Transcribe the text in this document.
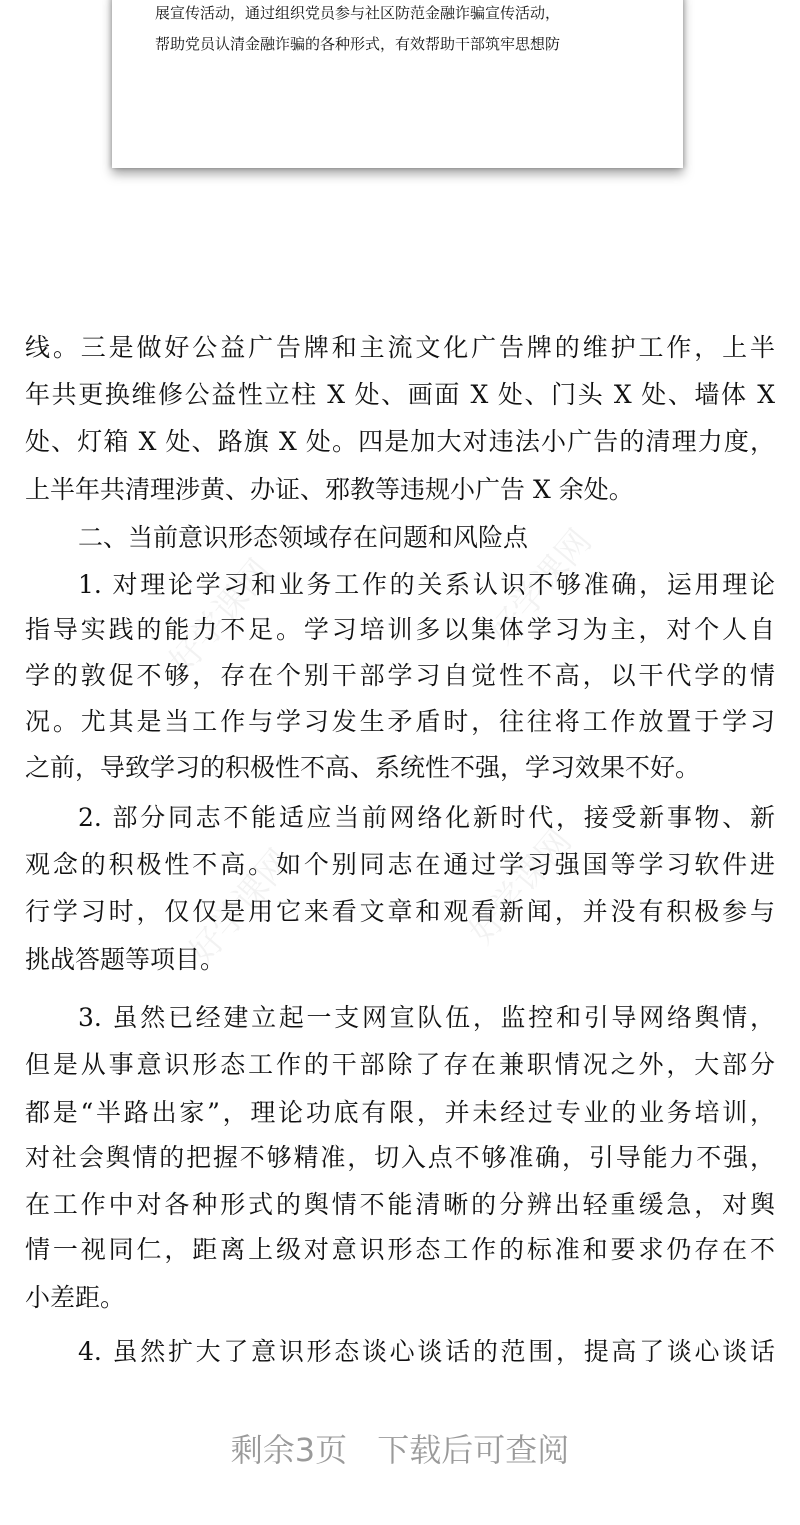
展宣传活动，通过组织党员参与社区防范金融诈骗宣传活动，
帮助党员认清金融诈骗的各种形式，有效帮助干部筑牢思想防
好学课网	好学课网
好学课网	好学课网
线。三是做好公益广告牌和主流文化广告牌的维护工作，上半
年共更换维修公益性立柱 X 处、画面 X 处、门头 X 处、墙体 X
处、灯箱 X 处、路旗 X 处。四是加大对违法小广告的清理力度，
上半年共清理涉黄、办证、邪教等违规小广告 X 余处。
二、当前意识形态领域存在问题和风险点
1. 对理论学习和业务工作的关系认识不够准确，运用理论
指导实践的能力不足。学习培训多以集体学习为主，对个人自
学的敦促不够，存在个别干部学习自觉性不高，以干代学的情
况。尤其是当工作与学习发生矛盾时，往往将工作放置于学习
之前，导致学习的积极性不高、系统性不强，学习效果不好。
2. 部分同志不能适应当前网络化新时代，接受新事物、新
观念的积极性不高。如个别同志在通过学习强国等学习软件进
行学习时，仅仅是用它来看文章和观看新闻，并没有积极参与
挑战答题等项目。
3. 虽然已经建立起一支网宣队伍，监控和引导网络舆情，
但是从事意识形态工作的干部除了存在兼职情况之外，大部分
都是“半路出家”，理论功底有限，并未经过专业的业务培训，
对社会舆情的把握不够精准，切入点不够准确，引导能力不强，
在工作中对各种形式的舆情不能清晰的分辨出轻重缓急，对舆
情一视同仁，距离上级对意识形态工作的标准和要求仍存在不
小差距。
4. 虽然扩大了意识形态谈心谈话的范围，提高了谈心谈话
剩余3页 下载后可查阅
